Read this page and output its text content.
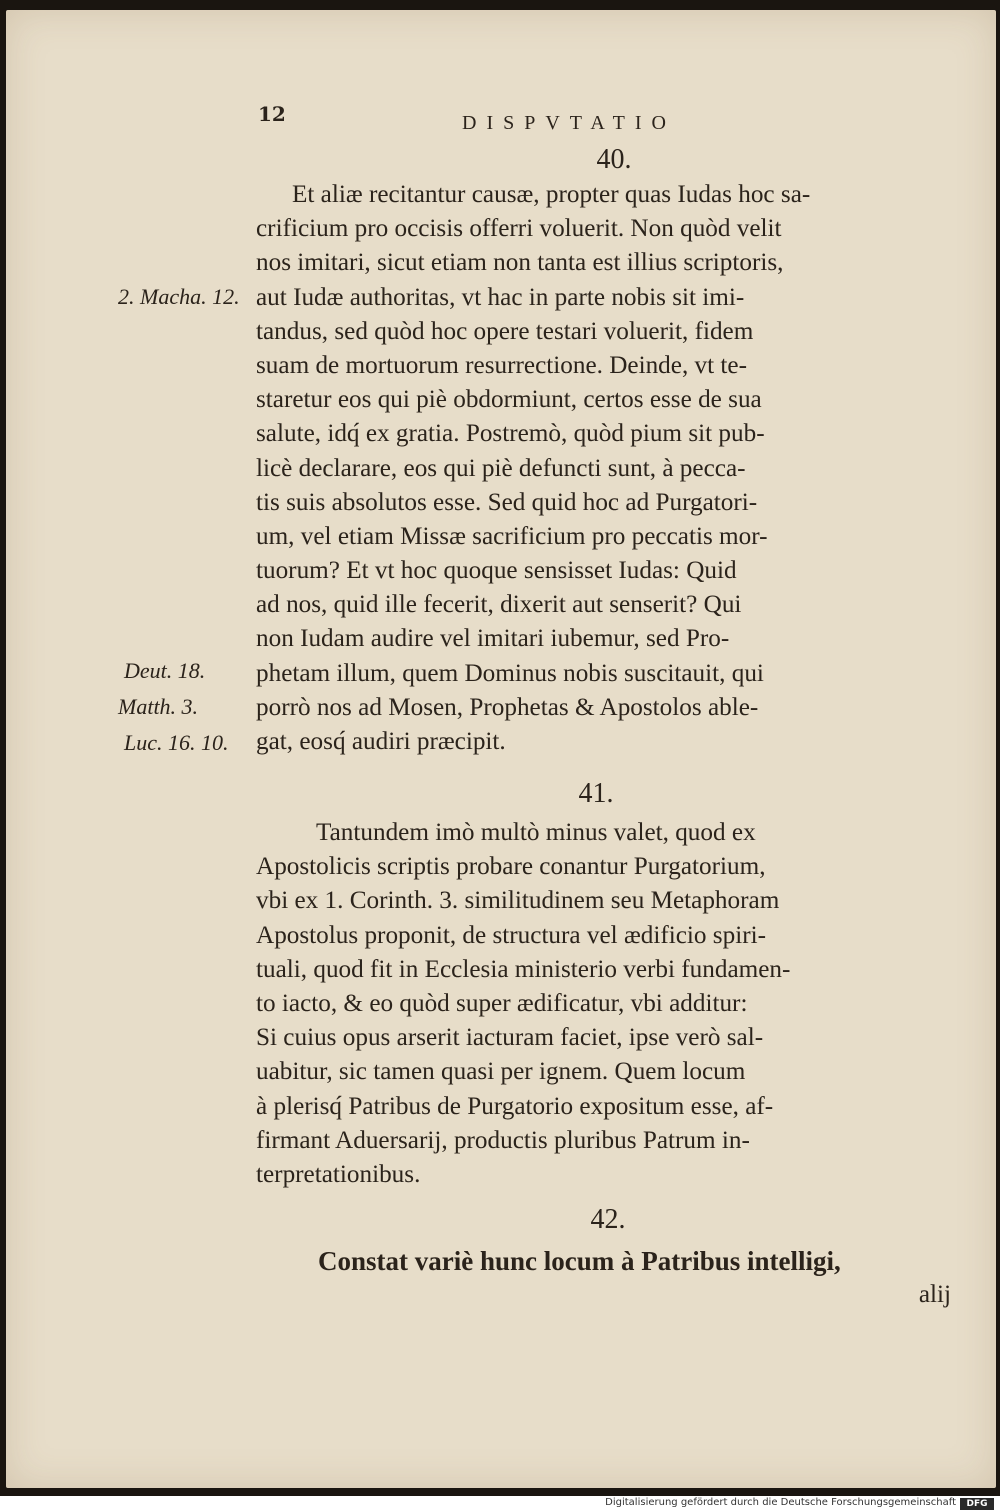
12	DISPVTATIO
40.
Et aliæ recitantur causæ, propter quas Iudas hoc sa-
crificium pro occisis offerri voluerit. Non quòd velit
nos imitari, sicut etiam non tanta est illius scriptoris,
aut Iudæ authoritas, vt hac in parte nobis sit imi-
tandus, sed quòd hoc opere testari voluerit, fidem
suam de mortuorum resurrectione. Deinde, vt te-
staretur eos qui piè obdormiunt, certos esse de sua
salute, idq́ ex gratia. Postremò, quòd pium sit pub-
licè declarare, eos qui piè defuncti sunt, à pecca-
tis suis absolutos esse. Sed quid hoc ad Purgatori-
um, vel etiam Missæ sacrificium pro peccatis mor-
tuorum? Et vt hoc quoque sensisset Iudas: Quid
ad nos, quid ille fecerit, dixerit aut senserit? Qui
non Iudam audire vel imitari iubemur, sed Pro-
phetam illum, quem Dominus nobis suscitauit, qui
porrò nos ad Mosen, Prophetas & Apostolos able-
gat, eosq́ audiri præcipit.
41.
Tantundem imò multò minus valet, quod ex
Apostolicis scriptis probare conantur Purgatorium,
vbi ex 1. Corinth. 3. similitudinem seu Metaphoram
Apostolus proponit, de structura vel ædificio spiri-
tuali, quod fit in Ecclesia ministerio verbi fundamen-
to iacto, & eo quòd super ædificatur, vbi additur:
Si cuius opus arserit iacturam faciet, ipse verò sal-
uabitur, sic tamen quasi per ignem. Quem locum
à plerisq́ Patribus de Purgatorio expositum esse, af-
firmant Aduersarij, productis pluribus Patrum in-
terpretationibus.
42.
Constat variè hunc locum à Patribus intelligi,
alij
2. Macha. 12.
Deut. 18.
Matth. 3.
Luc. 16. 10.
Digitalisierung gefördert durch die Deutsche Forschungsgemeinschaft	DFG
